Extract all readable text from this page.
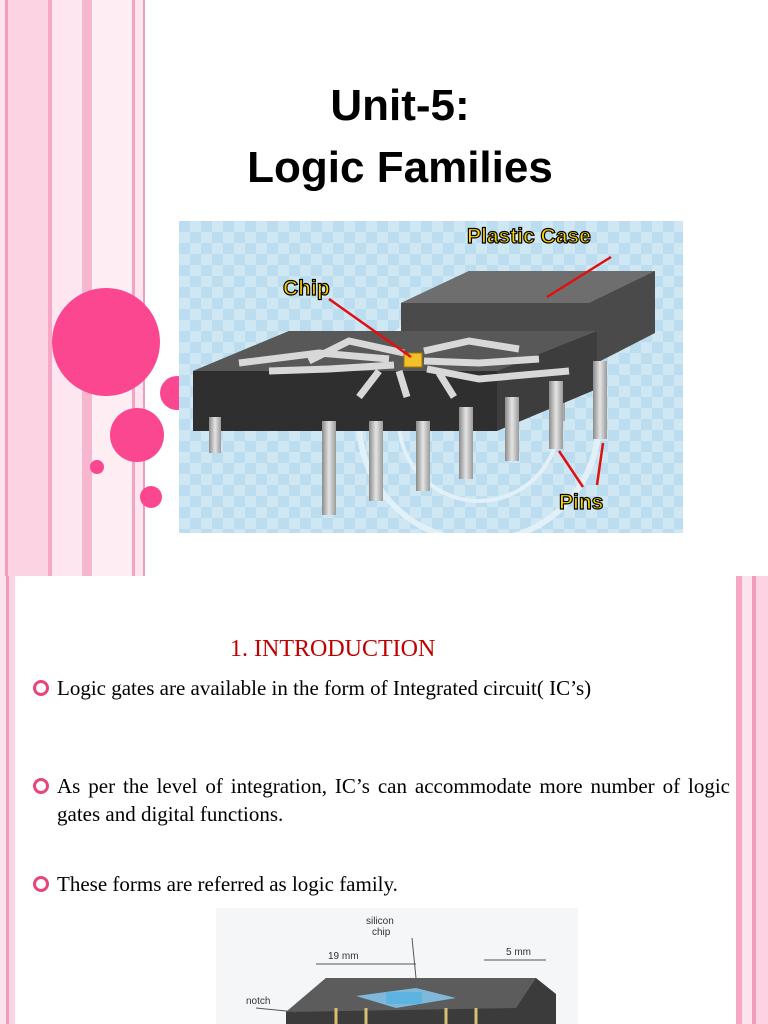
Unit-5:
Logic Families
Plastic Case
Chip
Pins
1. INTRODUCTION
Logic gates are available in the form of Integrated circuit( IC’s)
As per the level of integration, IC’s can accommodate more number of logic gates and digital functions.
These forms are referred as logic family.
silicon
chip
19 mm	5 mm
notch
